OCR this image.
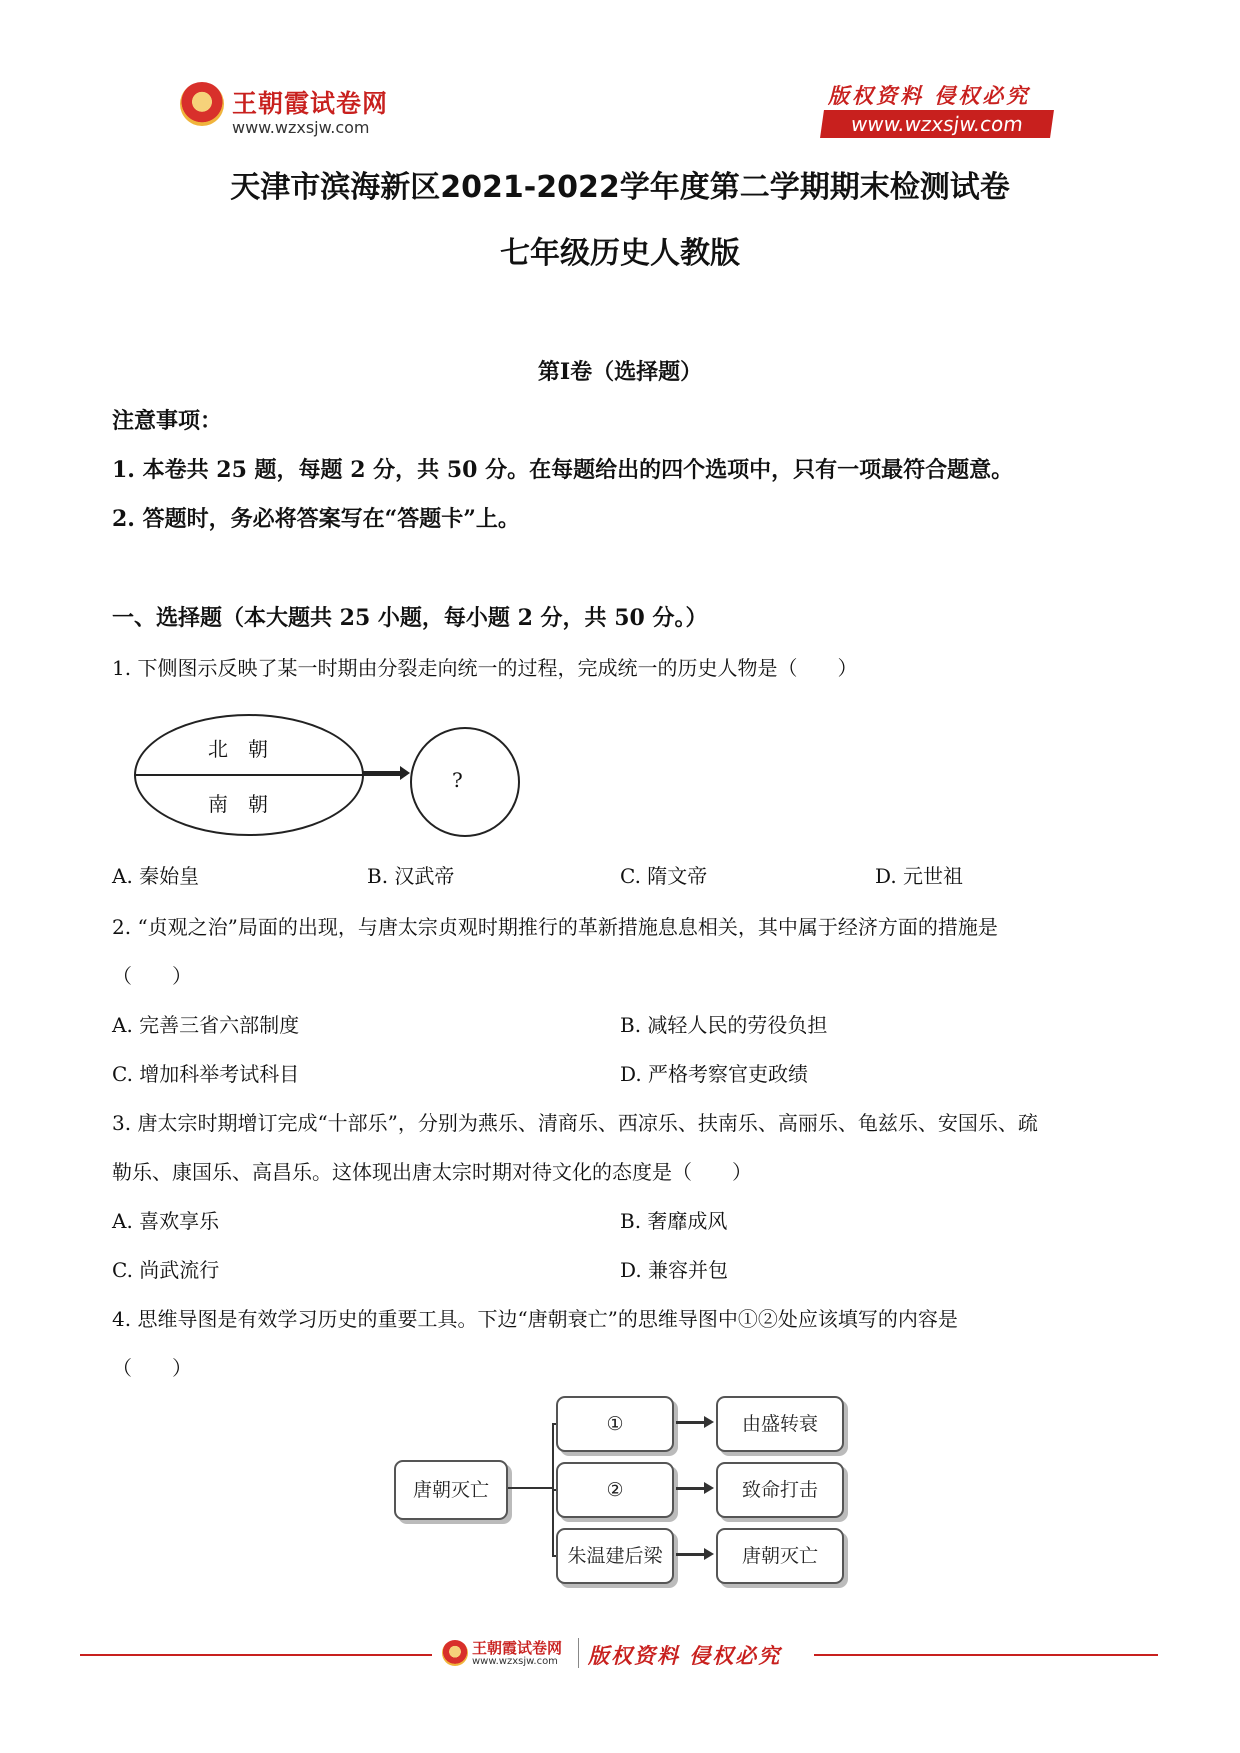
王朝霞试卷网
www.wzxsjw.com
版权资料 侵权必究
www.wzxsjw.com
天津市滨海新区2021-2022学年度第二学期期末检测试卷
七年级历史人教版
第Ⅰ卷（选择题）
注意事项：
1. 本卷共 25 题，每题 2 分，共 50 分。在每题给出的四个选项中，只有一项最符合题意。
2. 答题时，务必将答案写在“答题卡”上。
一、选择题（本大题共 25 小题，每小题 2 分，共 50 分。）
1. 下侧图示反映了某一时期由分裂走向统一的过程，完成统一的历史人物是（　　）
北　朝
南　朝
?
A. 秦始皇	B. 汉武帝	C. 隋文帝	D. 元世祖
2. “贞观之治”局面的出现，与唐太宗贞观时期推行的革新措施息息相关，其中属于经济方面的措施是
（　　）
A. 完善三省六部制度	B. 减轻人民的劳役负担
C. 增加科举考试科目	D. 严格考察官吏政绩
3. 唐太宗时期增订完成“十部乐”，分别为燕乐、清商乐、西凉乐、扶南乐、高丽乐、龟兹乐、安国乐、疏
勒乐、康国乐、高昌乐。这体现出唐太宗时期对待文化的态度是（　　）
A. 喜欢享乐	B. 奢靡成风
C. 尚武流行	D. 兼容并包
4. 思维导图是有效学习历史的重要工具。下边“唐朝衰亡”的思维导图中①②处应该填写的内容是
（　　）
唐朝灭亡
①
②
朱温建后梁
由盛转衰
致命打击
唐朝灭亡
王朝霞试卷网
www.wzxsjw.com 版权资料 侵权必究
